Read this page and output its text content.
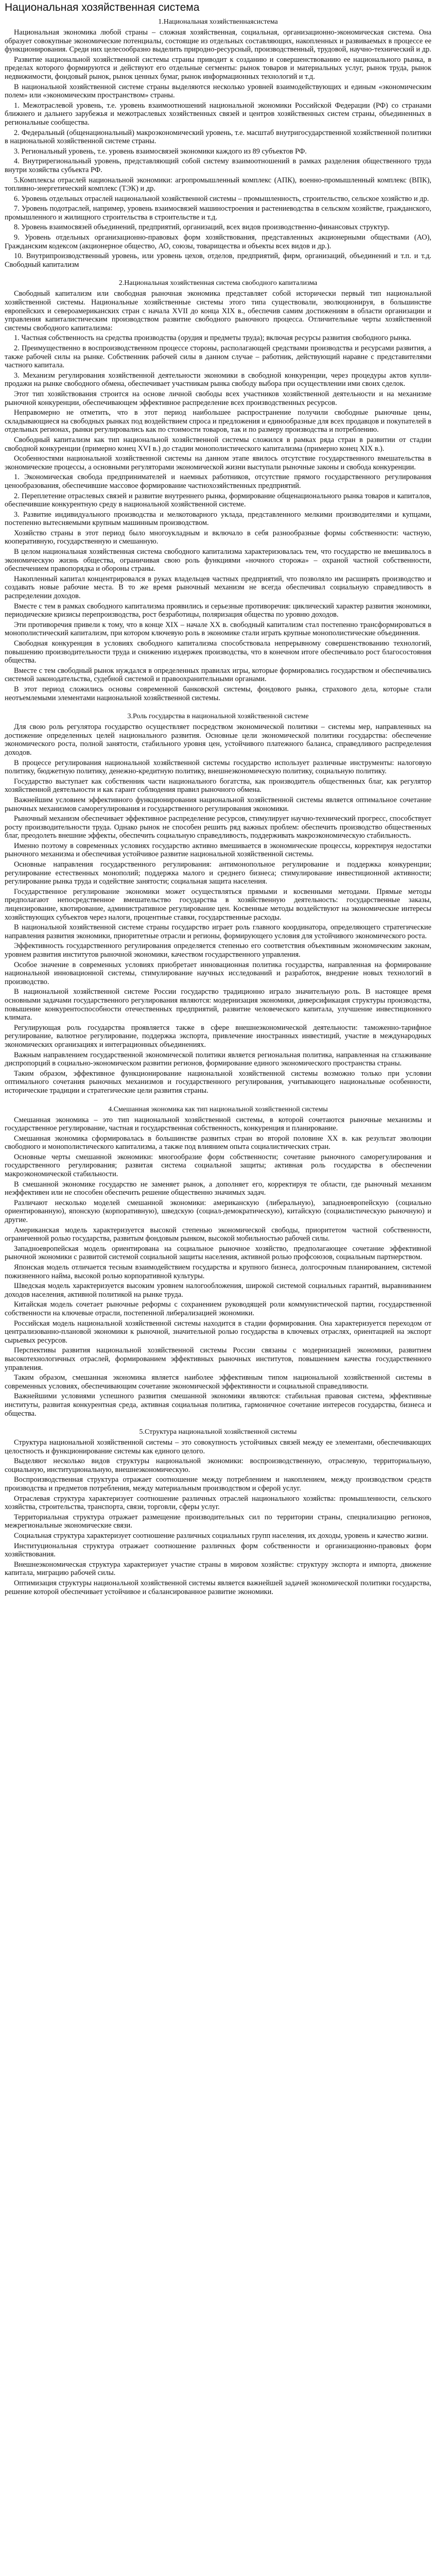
Национальная хозяйственная система
1.Национальная хозяйственнаясистема

Национальная экономика любой страны – сложная хозяйственная, социальная, организационно-экономическая система. Она образует совокупные экономические потенциалы, состоящие из отдельных составляющих, накопленных и развиваемых в процессе ее функционирования. Среди них целесообразно выделить природно-ресурсный, производственный, трудовой, научно-технический и др.

Развитие национальной хозяйственной системы страны приводит к созданию и совершенствованию ее национального рынка, в пределах которого формируются и действуют его отдельные сегменты: рынок товаров и материальных услуг, рынок труда, рынок недвижимости, фондовый рынок, рынок ценных бумаг, рынок информационных технологий и т.д.

В национальной хозяйственной системе страны выделяются несколько уровней взаимодействующих и единым «экономическим полем» или «экономическим пространством» страны.

1. Межотраслевой уровень, т.е. уровень взаимоотношений национальной экономики Российской Федерации (РФ) со странами ближнего и дальнего зарубежья и межотраслевых хозяйственных связей и центров хозяйственных систем страны, объединенных в региональные сообщества.

2. Федеральный (общенациональный) макроэкономический уровень, т.е. масштаб внутригосударственной хозяйственной политики в национальной хозяйственной системе страны.

3. Региональный уровень, т.е. уровень взаимосвязей экономики каждого из 89 субъектов РФ.

4. Внутрирегиональный уровень, представляющий собой систему взаимоотношений в рамках разделения общественного труда внутри хозяйства субъекта РФ.

5.Комплексы отраслей национальной экономики: агропромышленный комплекс (АПК), военно-промышленный комплекс (ВПК), топливно-энергетический комплекс (ТЭК) и др.

6. Уровень отдельных отраслей национальной хозяйственной системы – промышленность, строительство, сельское хозяйство и др.

7. Уровень подотраслей, например, уровень взаимосвязей машиностроения и растениеводства в сельском хозяйстве, гражданского, промышленного и жилищного строительства в строительстве и т.д.

8. Уровень взаимосвязей объединений, предприятий, организаций, всех видов производственно-финансовых структур.

9. Уровень отдельных организационно-правовых форм хозяйствования, представленных акционерными обществами (АО), Гражданским кодексом (акционерное общество, АО, союзы, товарищества и объекты всех видов и др.).

10. Внутрипроизводственный уровень, или уровень цехов, отделов, предприятий, фирм, организаций, объединений и т.п. и т.д. Свободный капитализм

2.Национальная хозяйственная система свободного капитализма

Свободный капитализм или свободная рыночная экономика представляет собой исторически первый тип национальной хозяйственной системы. Национальные хозяйственные системы этого типа существовали, эволюционируя, в большинстве европейских и североамериканских стран с начала XVII до конца XIX в., обеспечив самим достижениям в области организации и управления капиталистическим производством развитие свободного рыночного процесса. Отличительные черты хозяйственной системы свободного капитализма:

1. Частная собственность на средства производства (орудия и предметы труда); включая ресурсы развития свободного рынка.

2. Преимущественно в воспроизводственном процессе стороны, располагающей средствами производства и ресурсами развития, а также рабочей силы на рынке. Собственник рабочей силы в данном случае – работник, действующий наравне с представителями частного капитала.

3. Механизм регулирования хозяйственной деятельности экономики в свободной конкуренции, через процедуры актов купли-продажи на рынке свободного обмена, обеспечивает участникам рынка свободу выбора при осуществлении ими своих сделок.

Этот тип хозяйствования строится на основе личной свободы всех участников хозяйственной деятельности и на механизме рыночной конкуренции, обеспечивающем эффективное распределение всех производственных ресурсов.

Неправомерно не отметить, что в этот период наибольшее распространение получили свободные рыночные цены, складывающиеся на свободных рынках под воздействием спроса и предложения и единообразные для всех продавцов и покупателей в отдельных регионах, рынки регулировались как по стоимости товаров, так и по размеру производства и потреблению.

Свободный капитализм как тип национальной хозяйственной системы сложился в рамках ряда стран в развитии от стадии свободной конкуренции (примерно конец XVI в.) до стадии монополистического капитализма (примерно конец XIX в.).

Особенностями национальной хозяйственной системы на данном этапе явилось отсутствие государственного вмешательства в экономические процессы, а основными регуляторами экономической жизни выступали рыночные законы и свобода конкуренции.

1. Экономическая свобода предпринимателей и наемных работников, отсутствие прямого государственного регулирования ценообразования, обеспечившие массовое формирование частнохозяйственных предприятий.

2. Переплетение отраслевых связей и развитие внутреннего рынка, формирование общенационального рынка товаров и капиталов, обеспечившие конкурентную среду в национальной хозяйственной системе.

3. Развитие индивидуального производства и мелкотоварного уклада, представленного мелкими производителями и купцами, постепенно вытесняемыми крупным машинным производством.

Хозяйство страны в этот период было многоукладным и включало в себя разнообразные формы собственности: частную, кооперативную, государственную и смешанную.

В целом национальная хозяйственная система свободного капитализма характеризовалась тем, что государство не вмешивалось в экономическую жизнь общества, ограничивая свою роль функциями «ночного сторожа» – охраной частной собственности, обеспечением правопорядка и обороны страны.

Накопленный капитал концентрировался в руках владельцев частных предприятий, что позволяло им расширять производство и создавать новые рабочие места. В то же время рыночный механизм не всегда обеспечивал социальную справедливость в распределении доходов.

Вместе с тем в рамках свободного капитализма проявились и серьезные противоречия: циклический характер развития экономики, периодические кризисы перепроизводства, рост безработицы, поляризация общества по уровню доходов.

Эти противоречия привели к тому, что в конце XIX – начале XX в. свободный капитализм стал постепенно трансформироваться в монополистический капитализм, при котором ключевую роль в экономике стали играть крупные монополистические объединения.

Свободная конкуренция в условиях свободного капитализма способствовала непрерывному совершенствованию технологий, повышению производительности труда и снижению издержек производства, что в конечном итоге обеспечивало рост благосостояния общества.

Вместе с тем свободный рынок нуждался в определенных правилах игры, которые формировались государством и обеспечивались системой законодательства, судебной системой и правоохранительными органами.

В этот период сложились основы современной банковской системы, фондового рынка, страхового дела, которые стали неотъемлемыми элементами национальной хозяйственной системы.

3.Роль государства в национальной хозяйственной системе

Для свою роль регулятора государство осуществляет посредством экономической политики – системы мер, направленных на достижение определенных целей национального развития. Основные цели экономической политики государства: обеспечение экономического роста, полной занятости, стабильного уровня цен, устойчивого платежного баланса, справедливого распределения доходов.

В процессе регулирования национальной хозяйственной системы государство использует различные инструменты: налоговую политику, бюджетную политику, денежно-кредитную политику, внешнеэкономическую политику, социальную политику.

Государство выступает как собственник части национального богатства, как производитель общественных благ, как регулятор хозяйственной деятельности и как гарант соблюдения правил рыночного обмена.

Важнейшим условием эффективного функционирования национальной хозяйственной системы является оптимальное сочетание рыночных механизмов саморегулирования и государственного регулирования экономики.

Рыночный механизм обеспечивает эффективное распределение ресурсов, стимулирует научно-технический прогресс, способствует росту производительности труда. Однако рынок не способен решить ряд важных проблем: обеспечить производство общественных благ, преодолеть внешние эффекты, обеспечить социальную справедливость, поддерживать макроэкономическую стабильность.

Именно поэтому в современных условиях государство активно вмешивается в экономические процессы, корректируя недостатки рыночного механизма и обеспечивая устойчивое развитие национальной хозяйственной системы.

Основные направления государственного регулирования: антимонопольное регулирование и поддержка конкуренции; регулирование естественных монополий; поддержка малого и среднего бизнеса; стимулирование инвестиционной активности; регулирование рынка труда и содействие занятости; социальная защита населения.

Государственное регулирование экономики может осуществляться прямыми и косвенными методами. Прямые методы предполагают непосредственное вмешательство государства в хозяйственную деятельность: государственные заказы, лицензирование, квотирование, административное регулирование цен. Косвенные методы воздействуют на экономические интересы хозяйствующих субъектов через налоги, процентные ставки, государственные расходы.

В национальной хозяйственной системе страны государство играет роль главного координатора, определяющего стратегические направления развития экономики, приоритетные отрасли и регионы, формирующего условия для устойчивого экономического роста.

Эффективность государственного регулирования определяется степенью его соответствия объективным экономическим законам, уровнем развития институтов рыночной экономики, качеством государственного управления.

Особое значение в современных условиях приобретает инновационная политика государства, направленная на формирование национальной инновационной системы, стимулирование научных исследований и разработок, внедрение новых технологий в производство.

В национальной хозяйственной системе России государство традиционно играло значительную роль. В настоящее время основными задачами государственного регулирования являются: модернизация экономики, диверсификация структуры производства, повышение конкурентоспособности отечественных предприятий, развитие человеческого капитала, улучшение инвестиционного климата.

Регулирующая роль государства проявляется также в сфере внешнеэкономической деятельности: таможенно-тарифное регулирование, валютное регулирование, поддержка экспорта, привлечение иностранных инвестиций, участие в международных экономических организациях и интеграционных объединениях.

Важным направлением государственной экономической политики является региональная политика, направленная на сглаживание диспропорций в социально-экономическом развитии регионов, формирование единого экономического пространства страны.

Таким образом, эффективное функционирование национальной хозяйственной системы возможно только при условии оптимального сочетания рыночных механизмов и государственного регулирования, учитывающего национальные особенности, исторические традиции и стратегические цели развития страны.

4.Смешанная экономика как тип национальной хозяйственной системы

Смешанная экономика – это тип национальной хозяйственной системы, в которой сочетаются рыночные механизмы и государственное регулирование, частная и государственная собственность, конкуренция и планирование.

Смешанная экономика сформировалась в большинстве развитых стран во второй половине XX в. как результат эволюции свободного и монополистического капитализма, а также под влиянием опыта социалистических стран.

Основные черты смешанной экономики: многообразие форм собственности; сочетание рыночного саморегулирования и государственного регулирования; развитая система социальной защиты; активная роль государства в обеспечении макроэкономической стабильности.

В смешанной экономике государство не заменяет рынок, а дополняет его, корректируя те области, где рыночный механизм неэффективен или не способен обеспечить решение общественно значимых задач.

Различают несколько моделей смешанной экономики: американскую (либеральную), западноевропейскую (социально ориентированную), японскую (корпоративную), шведскую (социал-демократическую), китайскую (социалистическую рыночную) и другие.

Американская модель характеризуется высокой степенью экономической свободы, приоритетом частной собственности, ограниченной ролью государства, развитым фондовым рынком, высокой мобильностью рабочей силы.

Западноевропейская модель ориентирована на социальное рыночное хозяйство, предполагающее сочетание эффективной рыночной экономики с развитой системой социальной защиты населения, активной ролью профсоюзов, социальным партнерством.

Японская модель отличается тесным взаимодействием государства и крупного бизнеса, долгосрочным планированием, системой пожизненного найма, высокой ролью корпоративной культуры.

Шведская модель характеризуется высоким уровнем налогообложения, широкой системой социальных гарантий, выравниванием доходов населения, активной политикой на рынке труда.

Китайская модель сочетает рыночные реформы с сохранением руководящей роли коммунистической партии, государственной собственности на ключевые отрасли, постепенной либерализацией экономики.

Российская модель национальной хозяйственной системы находится в стадии формирования. Она характеризуется переходом от централизованно-плановой экономики к рыночной, значительной ролью государства в ключевых отраслях, ориентацией на экспорт сырьевых ресурсов.

Перспективы развития национальной хозяйственной системы России связаны с модернизацией экономики, развитием высокотехнологичных отраслей, формированием эффективных рыночных институтов, повышением качества государственного управления.

Таким образом, смешанная экономика является наиболее эффективным типом национальной хозяйственной системы в современных условиях, обеспечивающим сочетание экономической эффективности и социальной справедливости.

Важнейшими условиями успешного развития смешанной экономики являются: стабильная правовая система, эффективные институты, развитая конкурентная среда, активная социальная политика, гармоничное сочетание интересов государства, бизнеса и общества.

5.Структура национальной хозяйственной системы

Структура национальной хозяйственной системы – это совокупность устойчивых связей между ее элементами, обеспечивающих целостность и функционирование системы как единого целого.

Выделяют несколько видов структуры национальной экономики: воспроизводственную, отраслевую, территориальную, социальную, институциональную, внешнеэкономическую.

Воспроизводственная структура отражает соотношение между потреблением и накоплением, между производством средств производства и предметов потребления, между материальным производством и сферой услуг.

Отраслевая структура характеризует соотношение различных отраслей национального хозяйства: промышленности, сельского хозяйства, строительства, транспорта, связи, торговли, сферы услуг.

Территориальная структура отражает размещение производительных сил по территории страны, специализацию регионов, межрегиональные экономические связи.

Социальная структура характеризует соотношение различных социальных групп населения, их доходы, уровень и качество жизни.

Институциональная структура отражает соотношение различных форм собственности и организационно-правовых форм хозяйствования.

Внешнеэкономическая структура характеризует участие страны в мировом хозяйстве: структуру экспорта и импорта, движение капитала, миграцию рабочей силы.

Оптимизация структуры национальной хозяйственной системы является важнейшей задачей экономической политики государства, решение которой обеспечивает устойчивое и сбалансированное развитие экономики.
